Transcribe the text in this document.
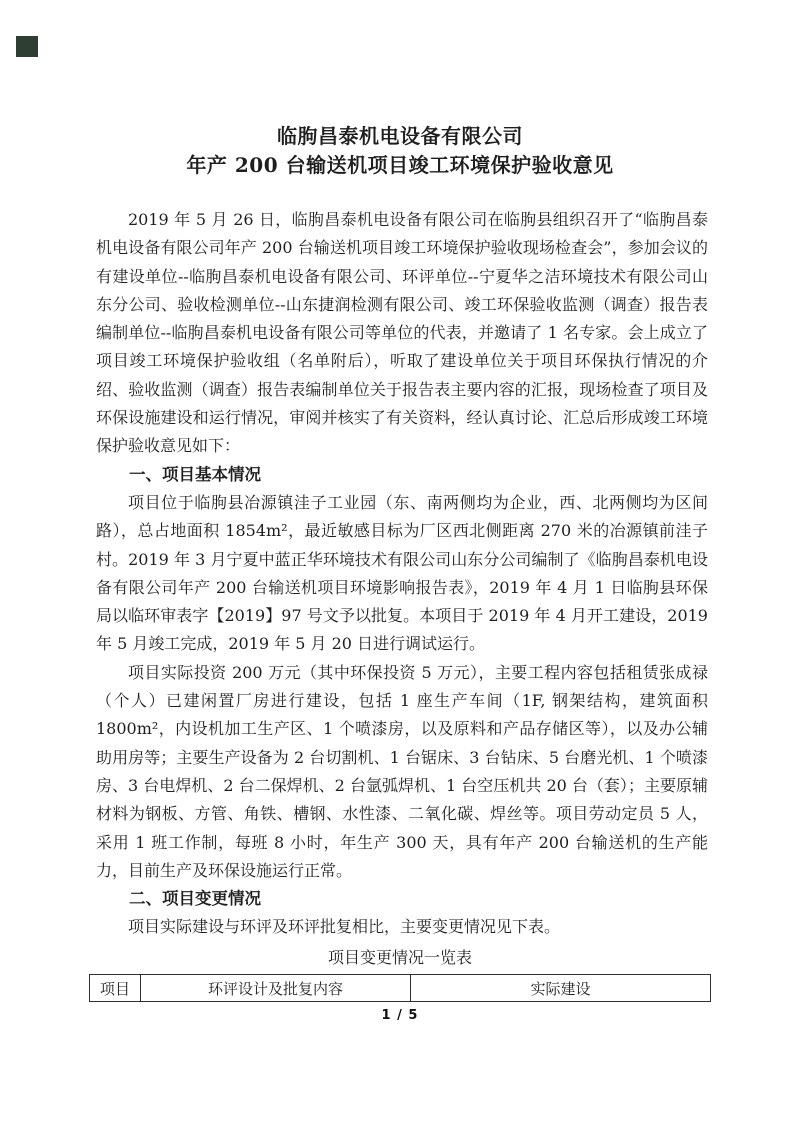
临朐昌泰机电设备有限公司
年产 200 台输送机项目竣工环境保护验收意见

2019 年 5 月 26 日，临朐昌泰机电设备有限公司在临朐县组织召开了“临朐昌泰机电设备有限公司年产 200 台输送机项目竣工环境保护验收现场检查会”，参加会议的有建设单位--临朐昌泰机电设备有限公司、环评单位--宁夏华之洁环境技术有限公司山东分公司、验收检测单位--山东捷润检测有限公司、竣工环保验收监测（调查）报告表编制单位--临朐昌泰机电设备有限公司等单位的代表，并邀请了 1 名专家。会上成立了项目竣工环境保护验收组（名单附后），听取了建设单位关于项目环保执行情况的介绍、验收监测（调查）报告表编制单位关于报告表主要内容的汇报，现场检查了项目及环保设施建设和运行情况，审阅并核实了有关资料，经认真讨论、汇总后形成竣工环境保护验收意见如下：

一、项目基本情况

项目位于临朐县冶源镇洼子工业园（东、南两侧均为企业，西、北两侧均为区间路），总占地面积 1854m²，最近敏感目标为厂区西北侧距离 270 米的冶源镇前洼子村。2019 年 3 月宁夏中蓝正华环境技术有限公司山东分公司编制了《临朐昌泰机电设备有限公司年产 200 台输送机项目环境影响报告表》，2019 年 4 月 1 日临朐县环保局以临环审表字【2019】97 号文予以批复。本项目于 2019 年 4 月开工建设，2019 年 5 月竣工完成，2019 年 5 月 20 日进行调试运行。

项目实际投资 200 万元（其中环保投资 5 万元），主要工程内容包括租赁张成禄（个人）已建闲置厂房进行建设，包括 1 座生产车间（1F, 钢架结构，建筑面积 1800m²，内设机加工生产区、1 个喷漆房，以及原料和产品存储区等），以及办公辅助用房等；主要生产设备为 2 台切割机、1 台锯床、3 台钻床、5 台磨光机、1 个喷漆房、3 台电焊机、2 台二保焊机、2 台氩弧焊机、1 台空压机共 20 台（套）；主要原辅材料为钢板、方管、角铁、槽钢、水性漆、二氧化碳、焊丝等。项目劳动定员 5 人，采用 1 班工作制，每班 8 小时，年生产 300 天，具有年产 200 台输送机的生产能力，目前生产及环保设施运行正常。

二、项目变更情况

项目实际建设与环评及环评批复相比，主要变更情况见下表。

项目变更情况一览表

项目	环评设计及批复内容	实际建设
1 / 5
